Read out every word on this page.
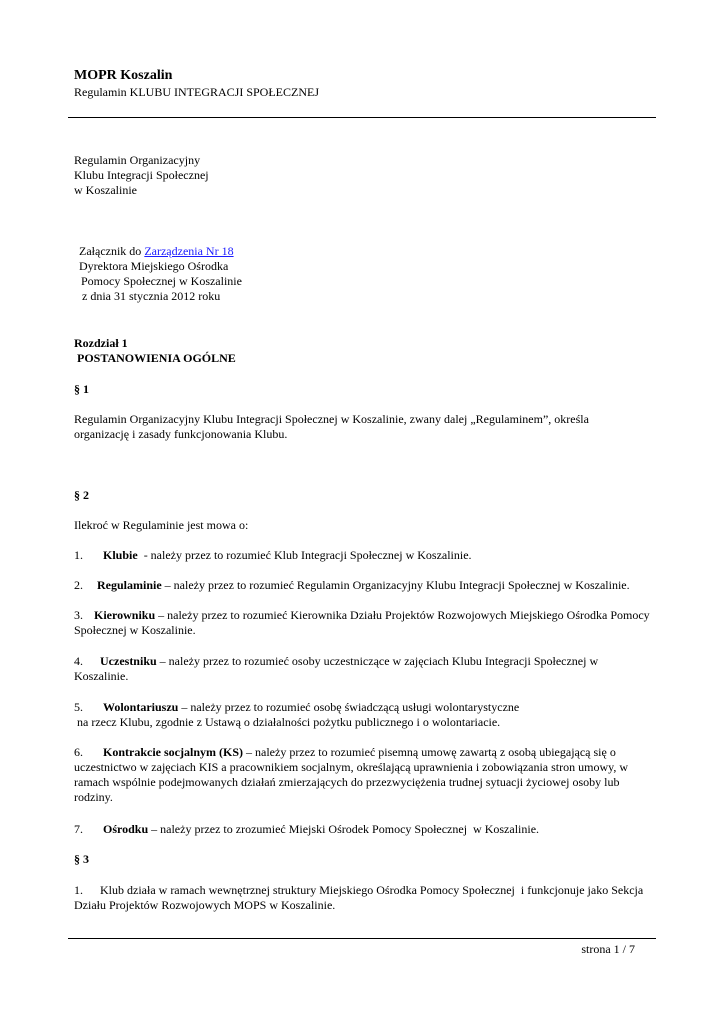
MOPR Koszalin
Regulamin KLUBU INTEGRACJI SPOŁECZNEJ
Regulamin Organizacyjny
Klubu Integracji Społecznej
w Koszalinie
Załącznik do Zarządzenia Nr 18
Dyrektora Miejskiego Ośrodka
Pomocy Społecznej w Koszalinie
z dnia 31 stycznia 2012 roku
Rozdział 1
POSTANOWIENIA OGÓLNE
§ 1
Regulamin Organizacyjny Klubu Integracji Społecznej w Koszalinie, zwany dalej „Regulaminem”, określa
organizację i zasady funkcjonowania Klubu.
§ 2
Ilekroć w Regulaminie jest mowa o:
1. Klubie  - należy przez to rozumieć Klub Integracji Społecznej w Koszalinie.
2. Regulaminie – należy przez to rozumieć Regulamin Organizacyjny Klubu Integracji Społecznej w Koszalinie.
3. Kierowniku – należy przez to rozumieć Kierownika Działu Projektów Rozwojowych Miejskiego Ośrodka Pomocy
Społecznej w Koszalinie.
4. Uczestniku – należy przez to rozumieć osoby uczestniczące w zajęciach Klubu Integracji Społecznej w
Koszalinie.
5. Wolontariuszu – należy przez to rozumieć osobę świadczącą usługi wolontarystyczne
na rzecz Klubu, zgodnie z Ustawą o działalności pożytku publicznego i o wolontariacie.
6. Kontrakcie socjalnym (KS) – należy przez to rozumieć pisemną umowę zawartą z osobą ubiegającą się o
uczestnictwo w zajęciach KIS a pracownikiem socjalnym, określającą uprawnienia i zobowiązania stron umowy, w
ramach wspólnie podejmowanych działań zmierzających do przezwyciężenia trudnej sytuacji życiowej osoby lub
rodziny.
7. Ośrodku – należy przez to zrozumieć Miejski Ośrodek Pomocy Społecznej  w Koszalinie.
§ 3
1. Klub działa w ramach wewnętrznej struktury Miejskiego Ośrodka Pomocy Społecznej  i funkcjonuje jako Sekcja
Działu Projektów Rozwojowych MOPS w Koszalinie.
strona 1 / 7
